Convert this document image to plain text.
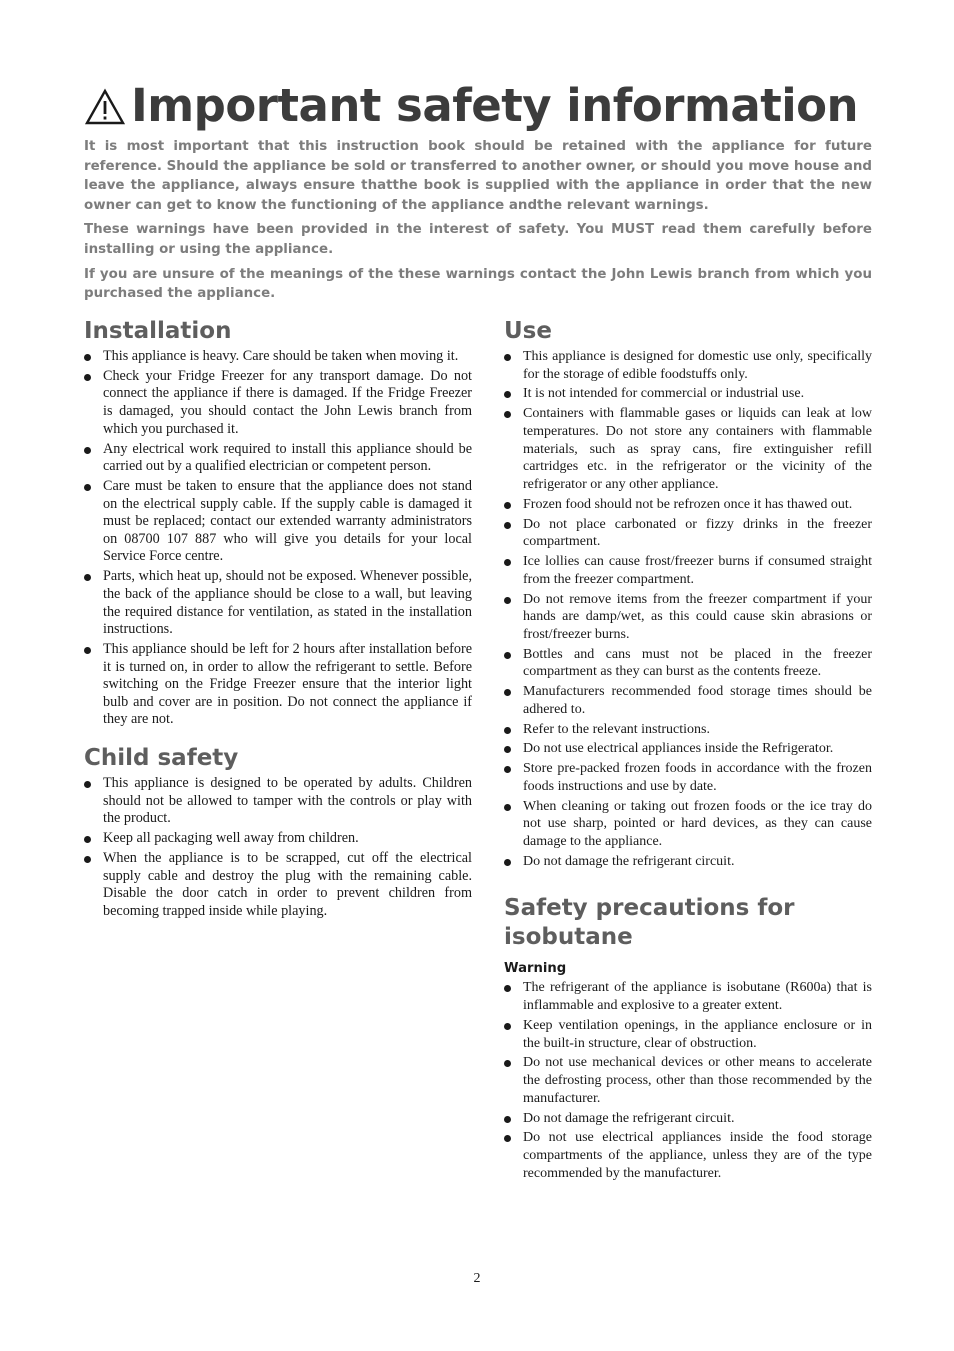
Important safety information

It is most important that this instruction book should be retained with the appliance for future reference. Should the appliance be sold or transferred to another owner, or should you move house and leave the appliance, always ensure thatthe book is supplied with the appliance in order that the new owner can get to know the functioning of the appliance andthe relevant warnings.

These warnings have been provided in the interest of safety. You MUST read them carefully before installing or using the appliance.

If you are unsure of the meanings of the these warnings contact the John Lewis branch from which you purchased the appliance.

Installation
This appliance is heavy. Care should be taken when moving it.
Check your Fridge Freezer for any transport damage. Do not connect the appliance if there is damaged. If the Fridge Freezer is damaged, you should contact the John Lewis branch from which you purchased it.
Any electrical work required to install this appliance should be carried out by a qualified electrician or competent person.
Care must be taken to ensure that the appliance does not stand on the electrical supply cable. If the supply cable is damaged it must be replaced; contact our extended warranty administrators on 08700 107 887 who will give you details for your local Service Force centre.
Parts, which heat up, should not be exposed. Whenever possible, the back of the appliance should be close to a wall, but leaving the required distance for ventilation, as stated in the installation instructions.
This appliance should be left for 2 hours after installation before it is turned on, in order to allow the refrigerant to settle. Before switching on the Fridge Freezer ensure that the interior light bulb and cover are in position. Do not connect the appliance if they are not.
Child safety
This appliance is designed to be operated by adults. Children should not be allowed to tamper with the controls or play with the product.
Keep all packaging well away from children.
When the appliance is to be scrapped, cut off the electrical supply cable and destroy the plug with the remaining cable. Disable the door catch in order to prevent children from becoming trapped inside while playing.
Use
This appliance is designed for domestic use only, specifically for the storage of edible foodstuffs only.
It is not intended for commercial or industrial use.
Containers with flammable gases or liquids can leak at low temperatures. Do not store any containers with flammable materials, such as spray cans, fire extinguisher refill cartridges etc. in the refrigerator or the vicinity of the refrigerator or any other appliance.
Frozen food should not be refrozen once it has thawed out.
Do not place carbonated or fizzy drinks in the freezer compartment.
Ice lollies can cause frost/freezer burns if consumed straight from the freezer compartment.
Do not remove items from the freezer compartment if your hands are damp/wet, as this could cause skin abrasions or frost/freezer burns.
Bottles and cans must not be placed in the freezer compartment as they can burst as the contents freeze.
Manufacturers recommended food storage times should be adhered to.
Refer to the relevant instructions.
Do not use electrical appliances inside the Refrigerator.
Store pre-packed frozen foods in accordance with the frozen foods instructions and use by date.
When cleaning or taking out frozen foods or the ice tray do not use sharp, pointed or hard devices, as they can cause damage to the appliance.
Do not damage the refrigerant circuit.
Safety precautions for
isobutane
Warning
The refrigerant of the appliance is isobutane (R600a) that is inflammable and explosive to a greater extent.
Keep ventilation openings, in the appliance enclosure or in the built-in structure, clear of obstruction.
Do not use mechanical devices or other means to accelerate the defrosting process, other than those recommended by the manufacturer.
Do not damage the refrigerant circuit.
Do not use electrical appliances inside the food storage compartments of the appliance, unless they are of the type recommended by the manufacturer.
2
